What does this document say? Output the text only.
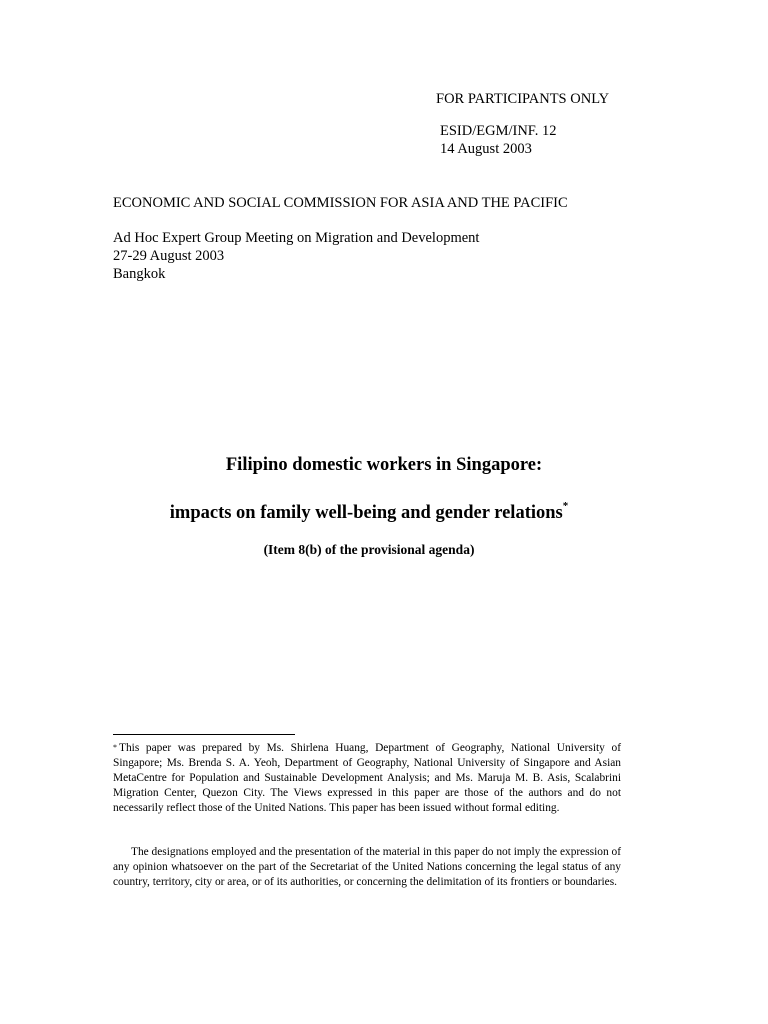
FOR PARTICIPANTS ONLY
ESID/EGM/INF. 12
14 August 2003
ECONOMIC AND SOCIAL COMMISSION FOR ASIA AND THE PACIFIC
Ad Hoc Expert Group Meeting on Migration and Development
27-29 August 2003
Bangkok
Filipino domestic workers in Singapore:
impacts on family well-being and gender relations*
(Item 8(b) of the provisional agenda)
* This paper was prepared by Ms. Shirlena Huang, Department of Geography, National University of Singapore; Ms. Brenda S. A. Yeoh, Department of Geography, National University of Singapore and Asian MetaCentre for Population and Sustainable Development Analysis; and Ms. Maruja M. B. Asis, Scalabrini Migration Center, Quezon City. The Views expressed in this paper are those of the authors and do not necessarily reflect those of the United Nations. This paper has been issued without formal editing.
The designations employed and the presentation of the material in this paper do not imply the expression of any opinion whatsoever on the part of the Secretariat of the United Nations concerning the legal status of any country, territory, city or area, or of its authorities, or concerning the delimitation of its frontiers or boundaries.
